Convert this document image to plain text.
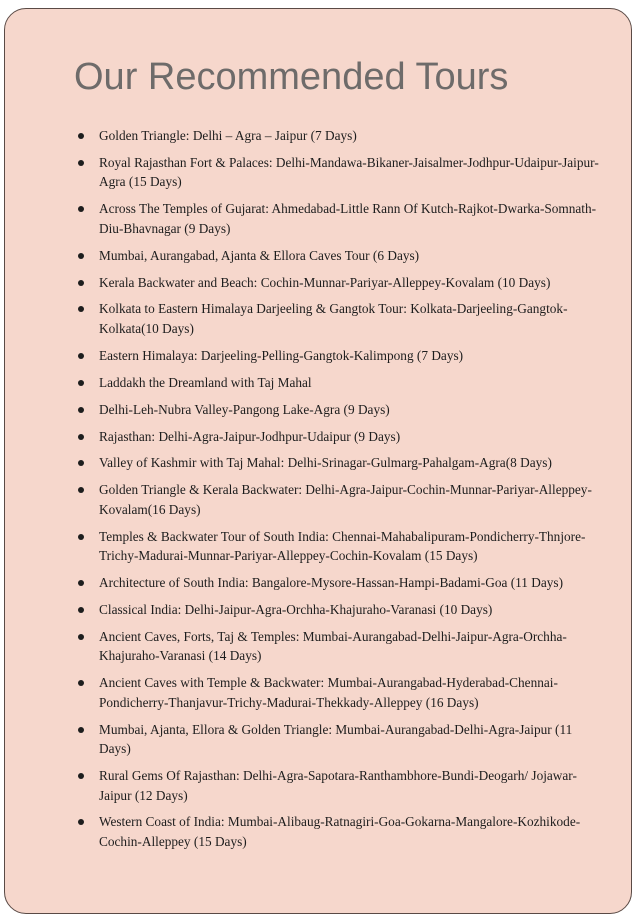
Our Recommended Tours
Golden Triangle: Delhi – Agra – Jaipur (7 Days)
Royal Rajasthan Fort & Palaces: Delhi-Mandawa-Bikaner-Jaisalmer-Jodhpur-Udaipur-Jaipur-Agra (15 Days)
Across The Temples of Gujarat: Ahmedabad-Little Rann Of Kutch-Rajkot-Dwarka-Somnath-Diu-Bhavnagar (9 Days)
Mumbai, Aurangabad, Ajanta & Ellora Caves Tour (6 Days)
Kerala Backwater and Beach: Cochin-Munnar-Pariyar-Alleppey-Kovalam (10 Days)
Kolkata to Eastern Himalaya Darjeeling & Gangtok Tour: Kolkata-Darjeeling-Gangtok-Kolkata(10 Days)
Eastern Himalaya: Darjeeling-Pelling-Gangtok-Kalimpong (7 Days)
Laddakh the Dreamland with Taj Mahal
Delhi-Leh-Nubra Valley-Pangong Lake-Agra (9 Days)
Rajasthan: Delhi-Agra-Jaipur-Jodhpur-Udaipur (9 Days)
Valley of Kashmir with Taj Mahal: Delhi-Srinagar-Gulmarg-Pahalgam-Agra(8 Days)
Golden Triangle & Kerala Backwater: Delhi-Agra-Jaipur-Cochin-Munnar-Pariyar-Alleppey-Kovalam(16 Days)
Temples & Backwater Tour of South India: Chennai-Mahabalipuram-Pondicherry-Thnjore-Trichy-Madurai-Munnar-Pariyar-Alleppey-Cochin-Kovalam (15 Days)
Architecture of South India: Bangalore-Mysore-Hassan-Hampi-Badami-Goa (11 Days)
Classical India: Delhi-Jaipur-Agra-Orchha-Khajuraho-Varanasi (10 Days)
Ancient Caves, Forts, Taj & Temples: Mumbai-Aurangabad-Delhi-Jaipur-Agra-Orchha-Khajuraho-Varanasi (14 Days)
Ancient Caves with Temple & Backwater: Mumbai-Aurangabad-Hyderabad-Chennai-Pondicherry-Thanjavur-Trichy-Madurai-Thekkady-Alleppey (16 Days)
Mumbai, Ajanta, Ellora & Golden Triangle: Mumbai-Aurangabad-Delhi-Agra-Jaipur (11 Days)
Rural Gems Of Rajasthan: Delhi-Agra-Sapotara-Ranthambhore-Bundi-Deogarh/ Jojawar-Jaipur (12 Days)
Western Coast of India: Mumbai-Alibaug-Ratnagiri-Goa-Gokarna-Mangalore-Kozhikode-Cochin-Alleppey (15 Days)
